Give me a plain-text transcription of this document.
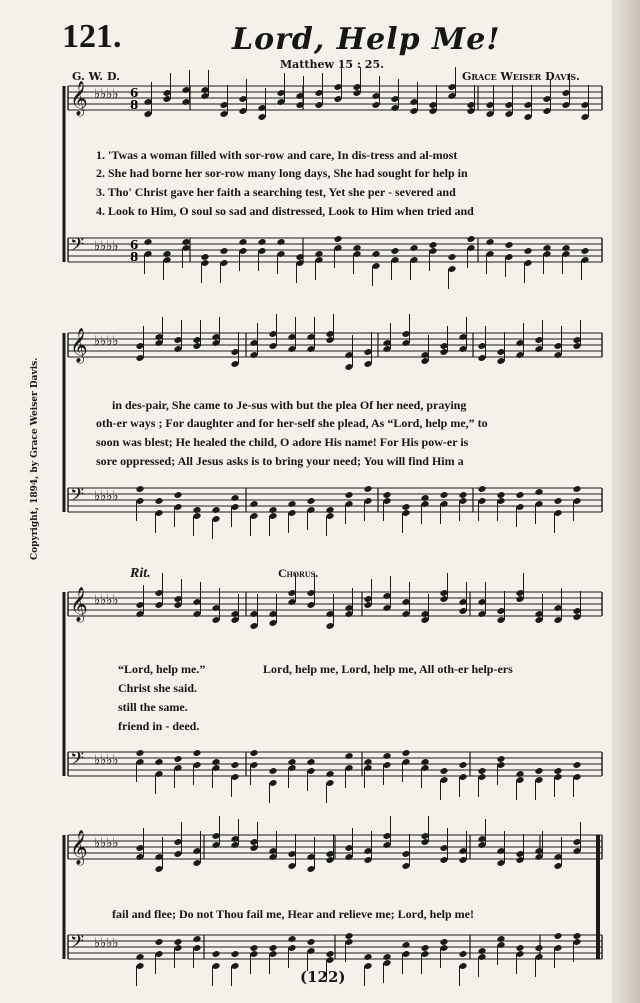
121.	Lord, Help Me!
Matthew 15 : 25.
G. W. D.	Grace Weiser Davis.
Copyright, 1894, by Grace Weiser Davis.
𝄞 ♭♭♭♭ 6
8
𝄢 ♭♭♭♭ 6
8
𝄞 ♭♭♭♭
𝄢 ♭♭♭♭
𝄞 ♭♭♭♭
𝄢 ♭♭♭♭
𝄞 ♭♭♭♭
𝄢 ♭♭♭♭
1. 'Twas a woman filled with sor-row and care, In dis-tress and al-most
2. She had borne her sor-row many long days, She had sought for help in
3. Tho' Christ gave her faith a searching test, Yet she per - severed and
4. Look to Him, O soul so sad and distressed, Look to Him when tried and
in des-pair, She came to Je-sus with but the plea Of her need, praying
oth-er ways ; For daughter and for her-self she plead, As “Lord, help me,” to
soon was blest; He healed the child, O adore His name! For His pow-er is
sore oppressed; All Jesus asks is to bring your need; You will find Him a
Rit.	Chorus.
“Lord, help me.”	Lord, help me, Lord, help me, All oth-er help-ers
Christ she said.
still the same.
friend in - deed.
fail and flee; Do not Thou fail me, Hear and relieve me; Lord, help me!
(122)
